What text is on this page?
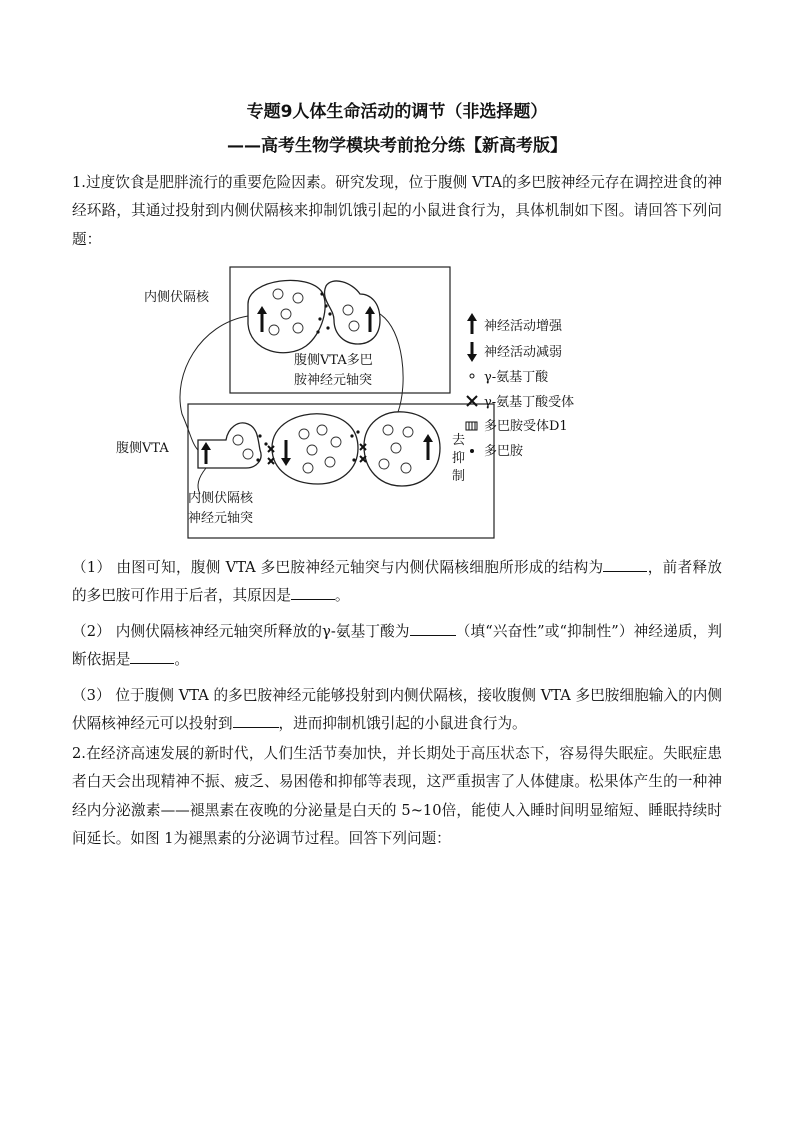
专题9人体生命活动的调节（非选择题）
——高考生物学模块考前抢分练【新高考版】
1.过度饮食是肥胖流行的重要危险因素。研究发现，位于腹侧 VTA的多巴胺神经元存在调控进食的神经环路，其通过投射到内侧伏隔核来抑制饥饿引起的小鼠进食行为，具体机制如下图。请回答下列问题：
内侧伏隔核
腹侧VTA多巴
胺神经元轴突
腹侧VTA
去
抑
制
内侧伏隔核
神经元轴突
神经活动增强
神经活动减弱
γ-氨基丁酸
γ-氨基丁酸受体
多巴胺受体D1
多巴胺
（1） 由图可知，腹侧 VTA 多巴胺神经元轴突与内侧伏隔核细胞所形成的结构为	，前者释放的多巴胺可作用于后者，其原因是	。
（2） 内侧伏隔核神经元轴突所释放的γ-氨基丁酸为	（填“兴奋性”或“抑制性”）神经递质，判断依据是	。
（3） 位于腹侧 VTA 的多巴胺神经元能够投射到内侧伏隔核，接收腹侧 VTA 多巴胺细胞输入的内侧伏隔核神经元可以投射到	，进而抑制机饿引起的小鼠进食行为。
2.在经济高速发展的新时代，人们生活节奏加快，并长期处于高压状态下，容易得失眠症。失眠症患者白天会出现精神不振、疲乏、易困倦和抑郁等表现，这严重损害了人体健康。松果体产生的一种神经内分泌激素——褪黑素在夜晚的分泌量是白天的 5~10倍，能使人入睡时间明显缩短、睡眠持续时间延长。如图 1为褪黑素的分泌调节过程。回答下列问题：
